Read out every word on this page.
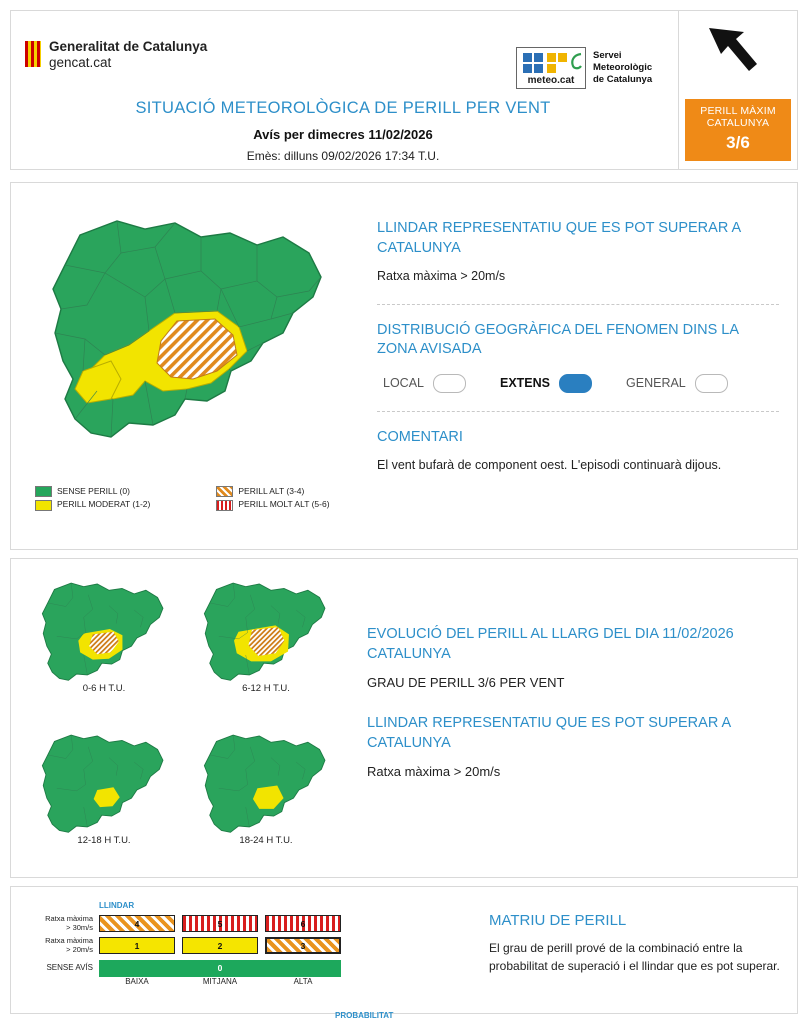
Generalitat de Catalunya
gencat.cat
meteo.cat
Servei
Meteorològic
de Catalunya
SITUACIÓ METEOROLÒGICA DE PERILL PER VENT
Avís per dimecres 11/02/2026
Emès: dilluns 09/02/2026 17:34 T.U.
PERILL MÀXIM
CATALUNYA
3/6
SENSE PERILL (0)	PERILL ALT (3-4)
PERILL MODERAT (1-2)	PERILL MOLT ALT (5-6)
LLINDAR REPRESENTATIU QUE ES POT SUPERAR A CATALUNYA
Ratxa màxima > 20m/s
DISTRIBUCIÓ GEOGRÀFICA DEL FENOMEN DINS LA ZONA AVISADA
LOCAL	EXTENS	GENERAL
COMENTARI
El vent bufarà de component oest. L'episodi continuarà dijous.
0-6 H T.U.	6-12 H T.U.
12-18 H T.U.	18-24 H T.U.
EVOLUCIÓ DEL PERILL AL LLARG DEL DIA 11/02/2026 CATALUNYA
GRAU DE PERILL 3/6 PER VENT
LLINDAR REPRESENTATIU QUE ES POT SUPERAR A CATALUNYA
Ratxa màxima > 20m/s
	LLINDAR				

Ratxa màxima
> 30m/s	4		5		6

Ratxa màxima
> 20m/s	1		2		3

SENSE AVÍS	0				

	BAIXA		MITJANA		ALTA
PROBABILITAT
MATRIU DE PERILL
El grau de perill prové de la combinació entre la probabilitat de superació i el llindar que es pot superar.
